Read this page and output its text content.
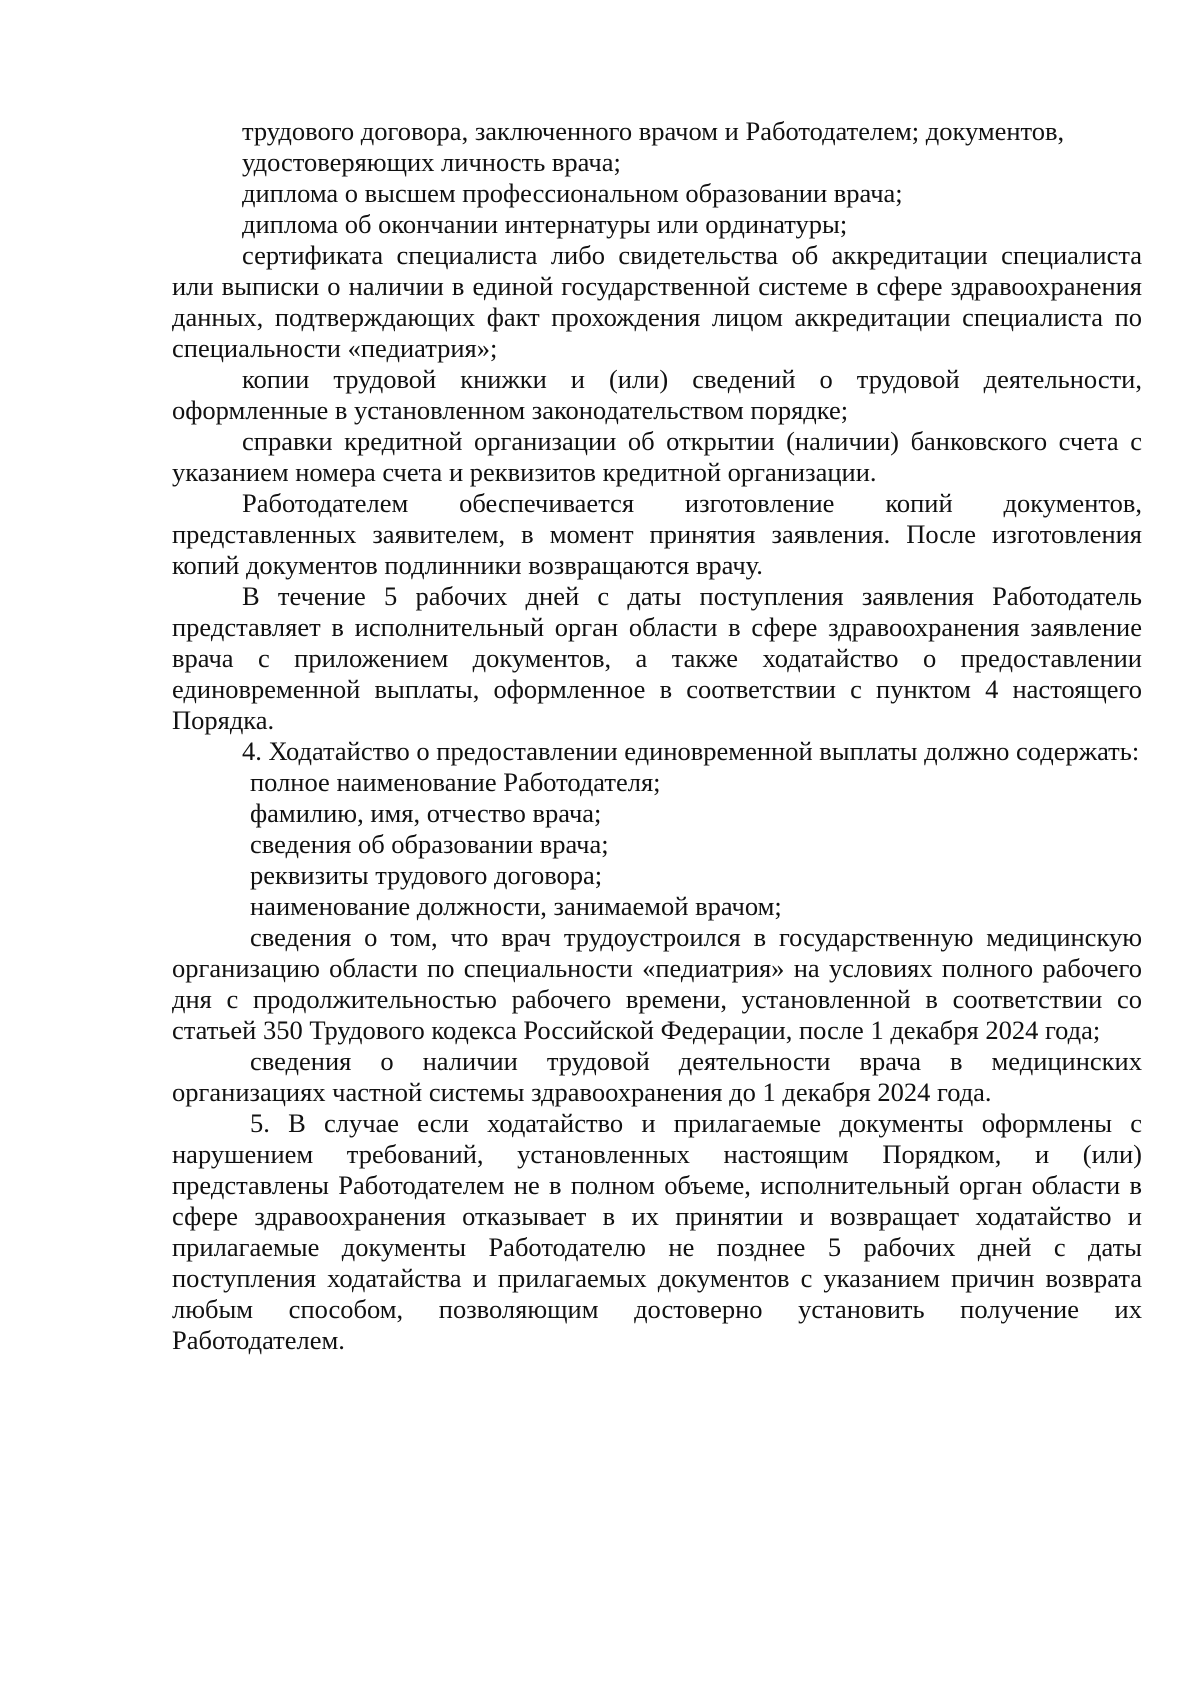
трудового договора, заключенного врачом и Работодателем; документов,
удостоверяющих личность врача;

диплома о высшем профессиональном образовании врача;

диплома об окончании интернатуры или ординатуры;

сертификата специалиста либо свидетельства об аккредитации специалиста или выписки о наличии в единой государственной системе в сфере здравоохранения данных, подтверждающих факт прохождения лицом аккредитации специалиста по специальности «педиатрия»;

копии трудовой книжки и (или) сведений о трудовой деятельности, оформленные в установленном законодательством порядке;

справки кредитной организации об открытии (наличии) банковского счета с указанием номера счета и реквизитов кредитной организации.

Работодателем обеспечивается изготовление копий документов, представленных заявителем, в момент принятия заявления. После изготовления копий документов подлинники возвращаются врачу.

В течение 5 рабочих дней с даты поступления заявления Работодатель представляет в исполнительный орган области в сфере здравоохранения заявление врача с приложением документов, а также ходатайство о предоставлении единовременной выплаты, оформленное в соответствии с пунктом 4 настоящего Порядка.

4. Ходатайство о предоставлении единовременной выплаты должно содержать:

полное наименование Работодателя;

фамилию, имя, отчество врача;

сведения об образовании врача;

реквизиты трудового договора;

наименование должности, занимаемой врачом;

сведения о том, что врач трудоустроился в государственную медицинскую организацию области по специальности «педиатрия» на условиях полного рабочего дня с продолжительностью рабочего времени, установленной в соответствии со статьей 350 Трудового кодекса Российской Федерации, после 1 декабря 2024 года;

сведения о наличии трудовой деятельности врача в медицинских организациях частной системы здравоохранения до 1 декабря 2024 года.

5. В случае если ходатайство и прилагаемые документы оформлены с нарушением требований, установленных настоящим Порядком, и (или) представлены Работодателем не в полном объеме, исполнительный орган области в сфере здравоохранения отказывает в их принятии и возвращает ходатайство и прилагаемые документы Работодателю не позднее 5 рабочих дней с даты поступления ходатайства и прилагаемых документов с указанием причин возврата любым способом, позволяющим достоверно установить получение их Работодателем.
